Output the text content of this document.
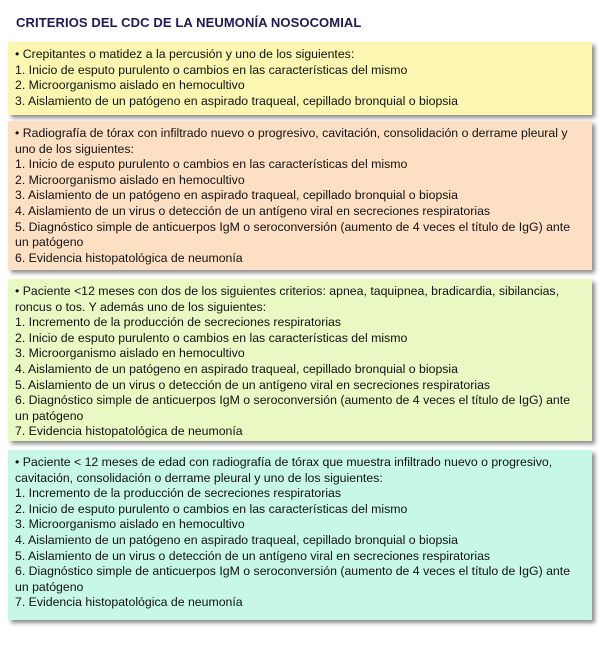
CRITERIOS DEL CDC DE LA NEUMONÍA NOSOCOMIAL
• Crepitantes o matidez a la percusión y uno de los siguientes:
1. Inicio de esputo purulento o cambios en las características del mismo
2. Microorganismo aislado en hemocultivo
3. Aislamiento de un patógeno en aspirado traqueal, cepillado bronquial o biopsia
• Radiografía de tórax con infiltrado nuevo o progresivo, cavitación, consolidación o derrame pleural y uno de los siguientes:
1. Inicio de esputo purulento o cambios en las características del mismo
2. Microorganismo aislado en hemocultivo
3. Aislamiento de un patógeno en aspirado traqueal, cepillado bronquial o biopsia
4. Aislamiento de un virus o detección de un antígeno viral en secreciones respiratorias
5. Diagnóstico simple de anticuerpos IgM o seroconversión (aumento de 4 veces el título de IgG) ante un patógeno
6. Evidencia histopatológica de neumonía
• Paciente <12 meses con dos de los siguientes criterios: apnea, taquipnea, bradicardia, sibilancias, roncus o tos. Y además uno de los siguientes:
1. Incremento de la producción de secreciones respiratorias
2. Inicio de esputo purulento o cambios en las características del mismo
3. Microorganismo aislado en hemocultivo
4. Aislamiento de un patógeno en aspirado traqueal, cepillado bronquial o biopsia
5. Aislamiento de un virus o detección de un antígeno viral en secreciones respiratorias
6. Diagnóstico simple de anticuerpos IgM o seroconversión (aumento de 4 veces el título de IgG) ante un patógeno
7. Evidencia histopatológica de neumonía
• Paciente < 12 meses de edad con radiografía de tórax que muestra infiltrado nuevo o progresivo, cavitación, consolidación o derrame pleural y uno de los siguientes:
1. Incremento de la producción de secreciones respiratorias
2. Inicio de esputo purulento o cambios en las características del mismo
3. Microorganismo aislado en hemocultivo
4. Aislamiento de un patógeno en aspirado traqueal, cepillado bronquial o biopsia
5. Aislamiento de un virus o detección de un antígeno viral en secreciones respiratorias
6. Diagnóstico simple de anticuerpos IgM o seroconversión (aumento de 4 veces el título de IgG) ante un patógeno
7. Evidencia histopatológica de neumonía
